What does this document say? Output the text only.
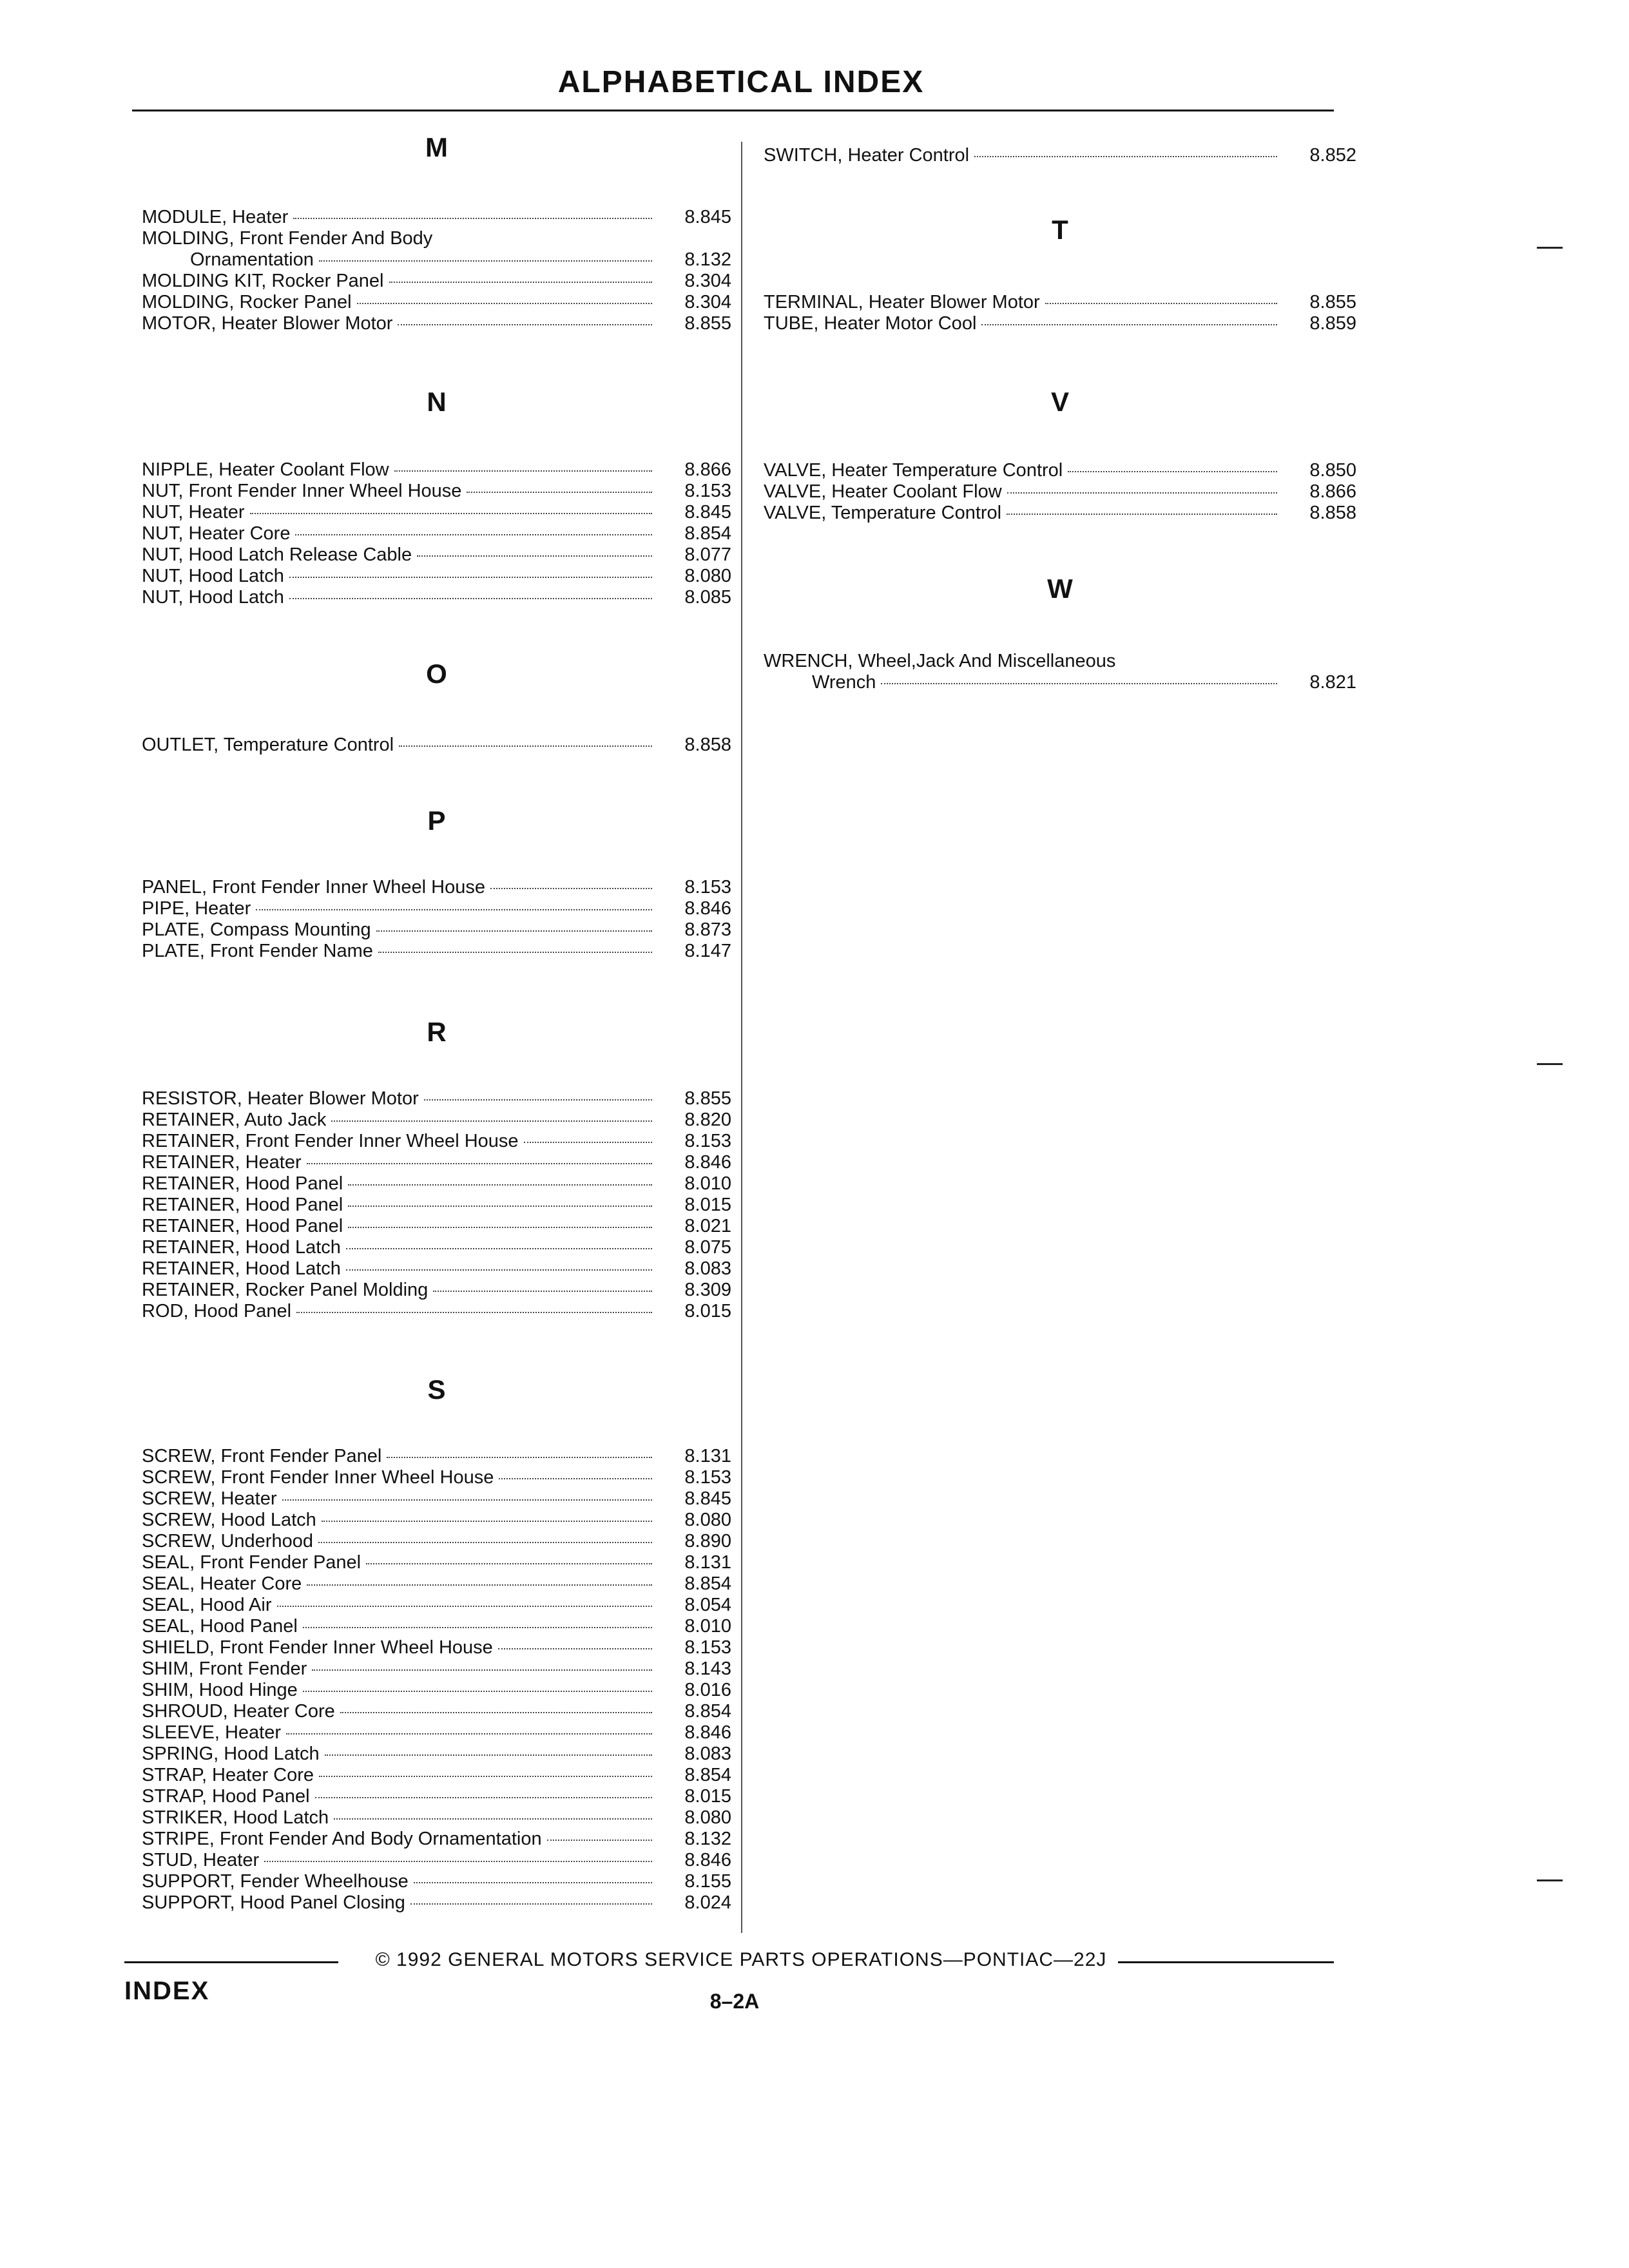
ALPHABETICAL INDEX
M
MODULE, Heater	8.845
MOLDING, Front Fender And Body
Ornamentation	8.132
MOLDING KIT, Rocker Panel	8.304
MOLDING, Rocker Panel	8.304
MOTOR, Heater Blower Motor	8.855
N
NIPPLE, Heater Coolant Flow	8.866
NUT, Front Fender Inner Wheel House	8.153
NUT, Heater	8.845
NUT, Heater Core	8.854
NUT, Hood Latch Release Cable	8.077
NUT, Hood Latch	8.080
NUT, Hood Latch	8.085
O
OUTLET, Temperature Control	8.858
P
PANEL, Front Fender Inner Wheel House	8.153
PIPE, Heater	8.846
PLATE, Compass Mounting	8.873
PLATE, Front Fender Name	8.147
R
RESISTOR, Heater Blower Motor	8.855
RETAINER, Auto Jack	8.820
RETAINER, Front Fender Inner Wheel House	8.153
RETAINER, Heater	8.846
RETAINER, Hood Panel	8.010
RETAINER, Hood Panel	8.015
RETAINER, Hood Panel	8.021
RETAINER, Hood Latch	8.075
RETAINER, Hood Latch	8.083
RETAINER, Rocker Panel Molding	8.309
ROD, Hood Panel	8.015
S
SCREW, Front Fender Panel	8.131
SCREW, Front Fender Inner Wheel House	8.153
SCREW, Heater	8.845
SCREW, Hood Latch	8.080
SCREW, Underhood	8.890
SEAL, Front Fender Panel	8.131
SEAL, Heater Core	8.854
SEAL, Hood Air	8.054
SEAL, Hood Panel	8.010
SHIELD, Front Fender Inner Wheel House	8.153
SHIM, Front Fender	8.143
SHIM, Hood Hinge	8.016
SHROUD, Heater Core	8.854
SLEEVE, Heater	8.846
SPRING, Hood Latch	8.083
STRAP, Heater Core	8.854
STRAP, Hood Panel	8.015
STRIKER, Hood Latch	8.080
STRIPE, Front Fender And Body Ornamentation	8.132
STUD, Heater	8.846
SUPPORT, Fender Wheelhouse	8.155
SUPPORT, Hood Panel Closing	8.024
SWITCH, Heater Control	8.852
T
TERMINAL, Heater Blower Motor	8.855
TUBE, Heater Motor Cool	8.859
V
VALVE, Heater Temperature Control	8.850
VALVE, Heater Coolant Flow	8.866
VALVE, Temperature Control	8.858
W
WRENCH, Wheel,Jack And Miscellaneous
Wrench	8.821
© 1992 GENERAL MOTORS SERVICE PARTS OPERATIONS—PONTIAC—22J
INDEX	8–2A
